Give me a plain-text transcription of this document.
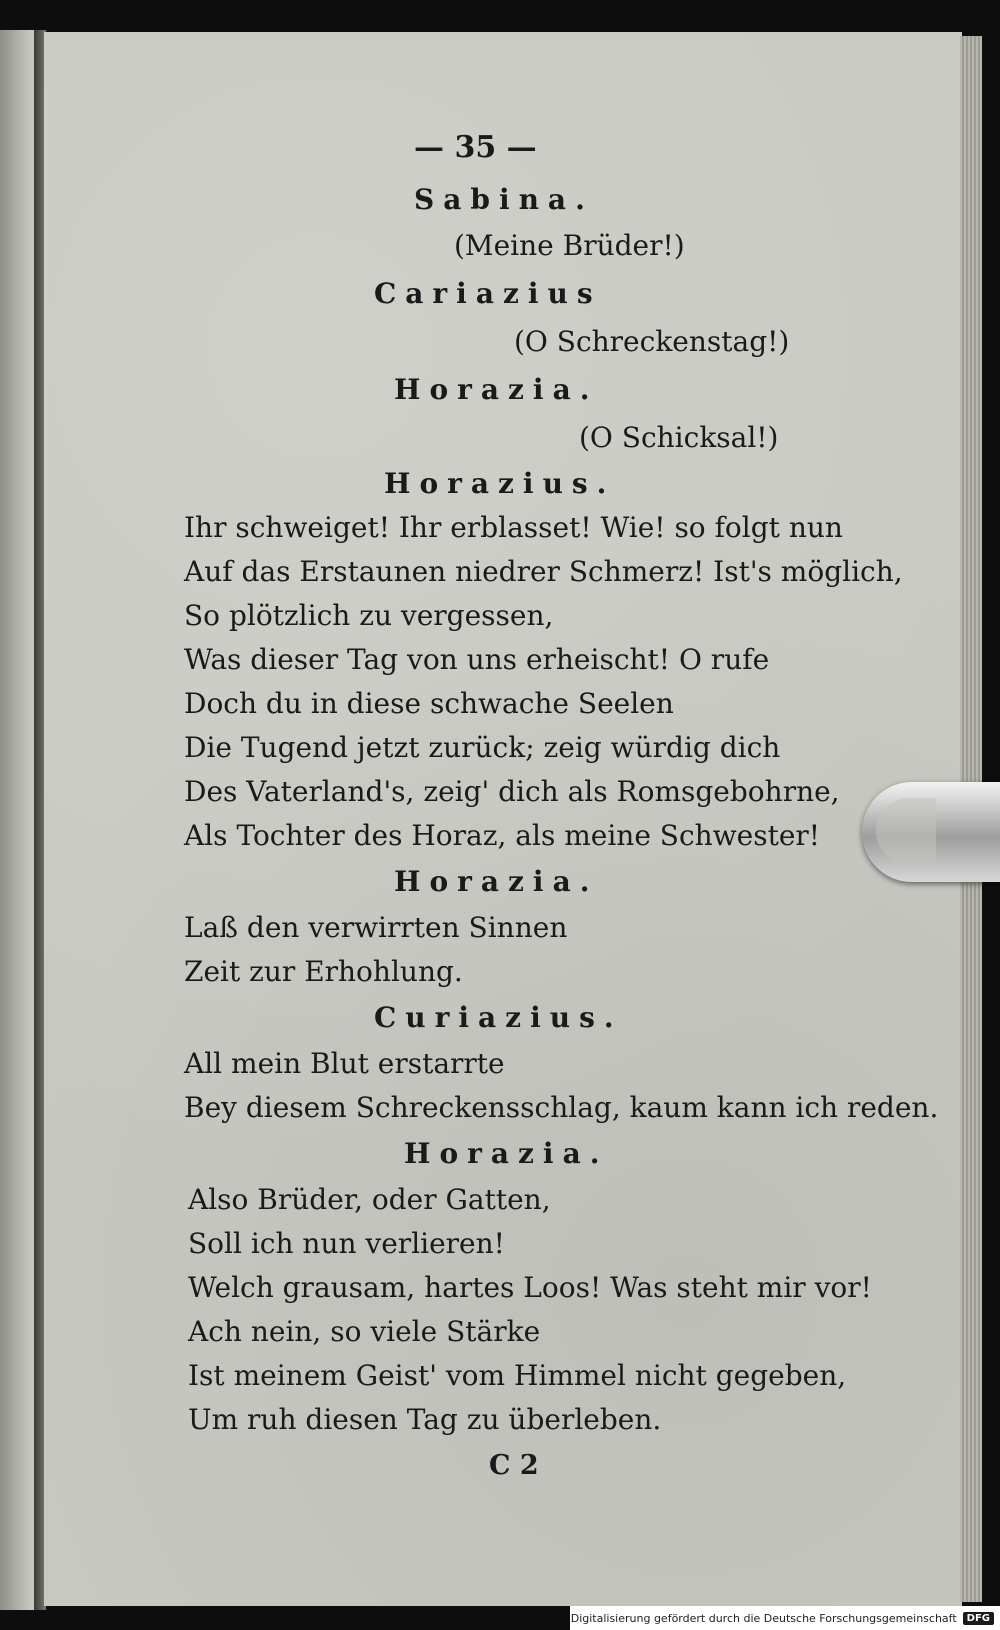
— 35 —
Sabina.
(Meine Brüder!)
Cariazius
(O Schreckenstag!)
Horazia.
(O Schicksal!)
Horazius.
Ihr schweiget! Ihr erblasset! Wie! so folgt nun
Auf das Erstaunen niedrer Schmerz! Ist's möglich,
So plötzlich zu vergessen,
Was dieser Tag von uns erheischt! O rufe
Doch du in diese schwache Seelen
Die Tugend jetzt zurück; zeig würdig dich
Des Vaterland's, zeig' dich als Romsgebohrne,
Als Tochter des Horaz, als meine Schwester!
Horazia.
Laß den verwirrten Sinnen
Zeit zur Erhohlung.
Curiazius.
All mein Blut erstarrte
Bey diesem Schreckensschlag, kaum kann ich reden.
Horazia.
Also Brüder, oder Gatten,
Soll ich nun verlieren!
Welch grausam, hartes Loos! Was steht mir vor!
Ach nein, so viele Stärke
Ist meinem Geist' vom Himmel nicht gegeben,
Um ruh diesen Tag zu überleben.
C 2
Digitalisierung gefördert durch die Deutsche Forschungsgemeinschaft	DFG
